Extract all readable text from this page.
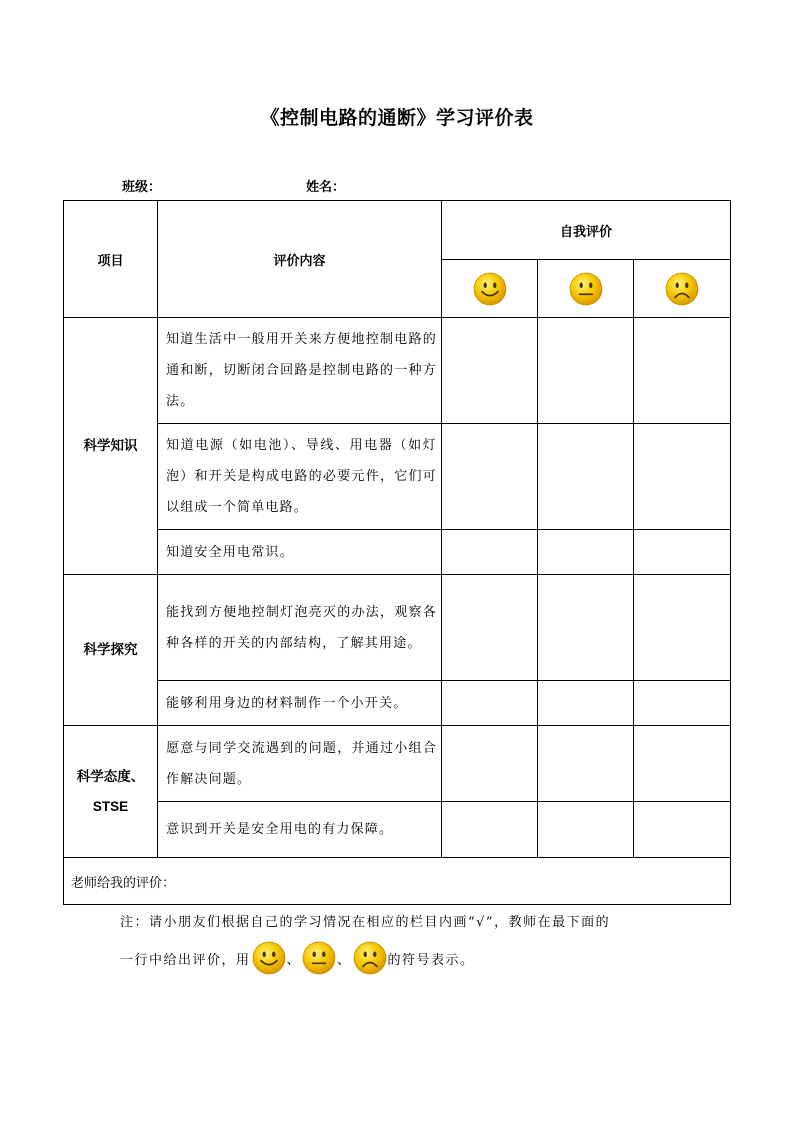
《控制电路的通断》学习评价表
班级：	姓名：
项目	评价内容	自我评价		

科学知识	知道生活中一般用开关来方便地控制电路的通和断，切断闭合回路是控制电路的一种方法。			
	知道电源（如电池）、导线、用电器（如灯泡）和开关是构成电路的必要元件，它们可以组成一个简单电路。			
	知道安全用电常识。			
科学探究	能找到方便地控制灯泡亮灭的办法，观察各种各样的开关的内部结构，了解其用途。			
	能够利用身边的材料制作一个小开关。			

科学态度、
STSE	愿意与同学交流遇到的问题，并通过小组合作解决问题。			
	意识到开关是安全用电的有力保障。			
老师给我的评价：				
注：请小朋友们根据自己的学习情况在相应的栏目内画“√”，教师在最下面的
一行中给出评价，用	、	、	的符号表示。
